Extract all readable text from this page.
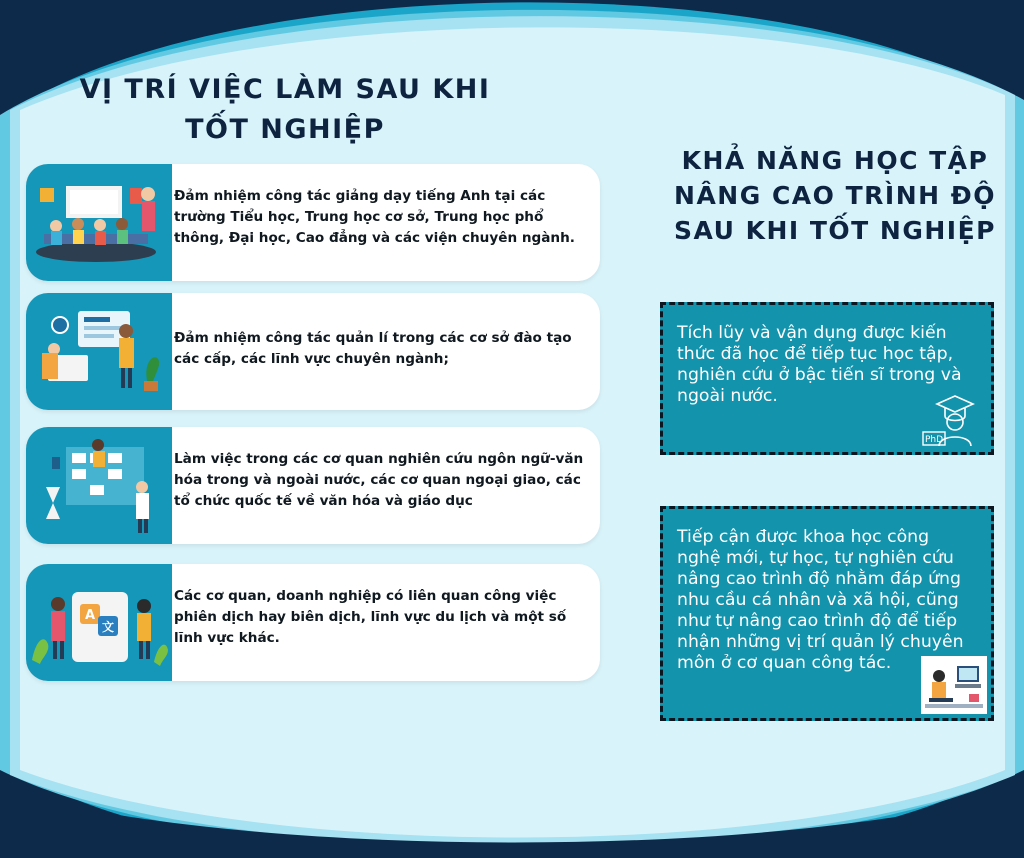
VỊ TRÍ VIỆC LÀM SAU KHI
TỐT NGHIỆP
KHẢ NĂNG HỌC TẬP
NÂNG CAO TRÌNH ĐỘ
SAU KHI TỐT NGHIỆP

Đảm nhiệm công tác giảng dạy tiếng Anh tại các trường Tiểu học, Trung học cơ sở, Trung học phổ thông, Đại học, Cao đẳng và các viện chuyên ngành.

Đảm nhiệm công tác quản lí trong các cơ sở đào tạo các cấp, các lĩnh vực chuyên ngành;

Làm việc trong các cơ quan nghiên cứu ngôn ngữ-văn hóa trong và ngoài nước, các cơ quan ngoại giao, các tổ chức quốc tế về văn hóa và giáo dục

A
文

Các cơ quan, doanh nghiệp có liên quan công việc phiên dịch hay biên dịch, lĩnh vực du lịch và một số lĩnh vực khác.

Tích lũy và vận dụng được kiến thức đã học để tiếp tục học tập, nghiên cứu ở bậc tiến sĩ trong và ngoài nước.

PhD

Tiếp cận được khoa học công nghệ mới, tự học, tự nghiên cứu nâng cao trình độ nhằm đáp ứng nhu cầu cá nhân và xã hội, cũng như tự nâng cao trình độ để tiếp nhận những vị trí quản lý chuyên môn ở cơ quan công tác.
